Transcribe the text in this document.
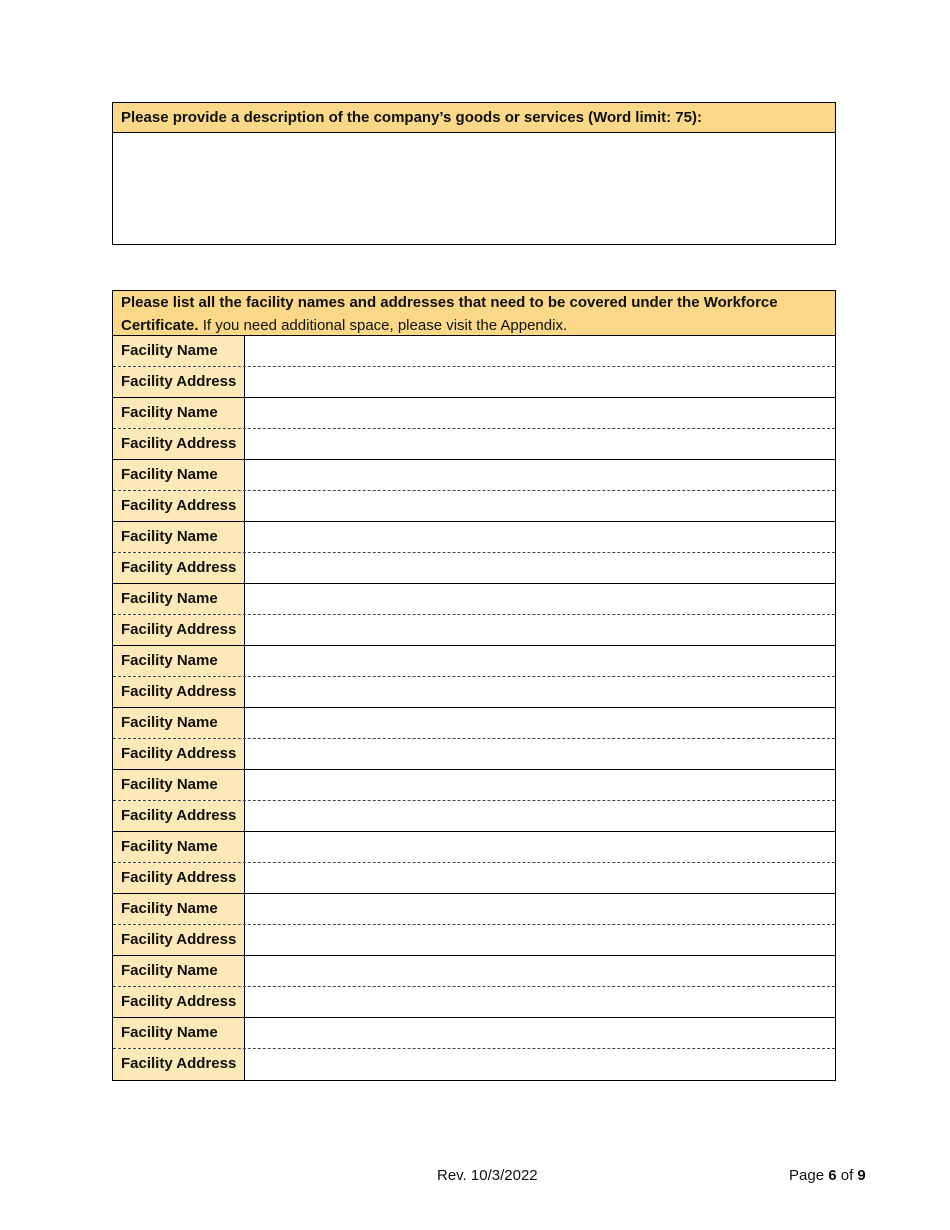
Please provide a description of the company’s goods or services (Word limit: 75):
Please list all the facility names and addresses that need to be covered under the Workforce Certificate. If you need additional space, please visit the Appendix.
Facility Name
Facility Address
Facility Name
Facility Address
Facility Name
Facility Address
Facility Name
Facility Address
Facility Name
Facility Address
Facility Name
Facility Address
Facility Name
Facility Address
Facility Name
Facility Address
Facility Name
Facility Address
Facility Name
Facility Address
Facility Name
Facility Address
Facility Name
Facility Address
Rev. 10/3/2022	Page 6 of 9
